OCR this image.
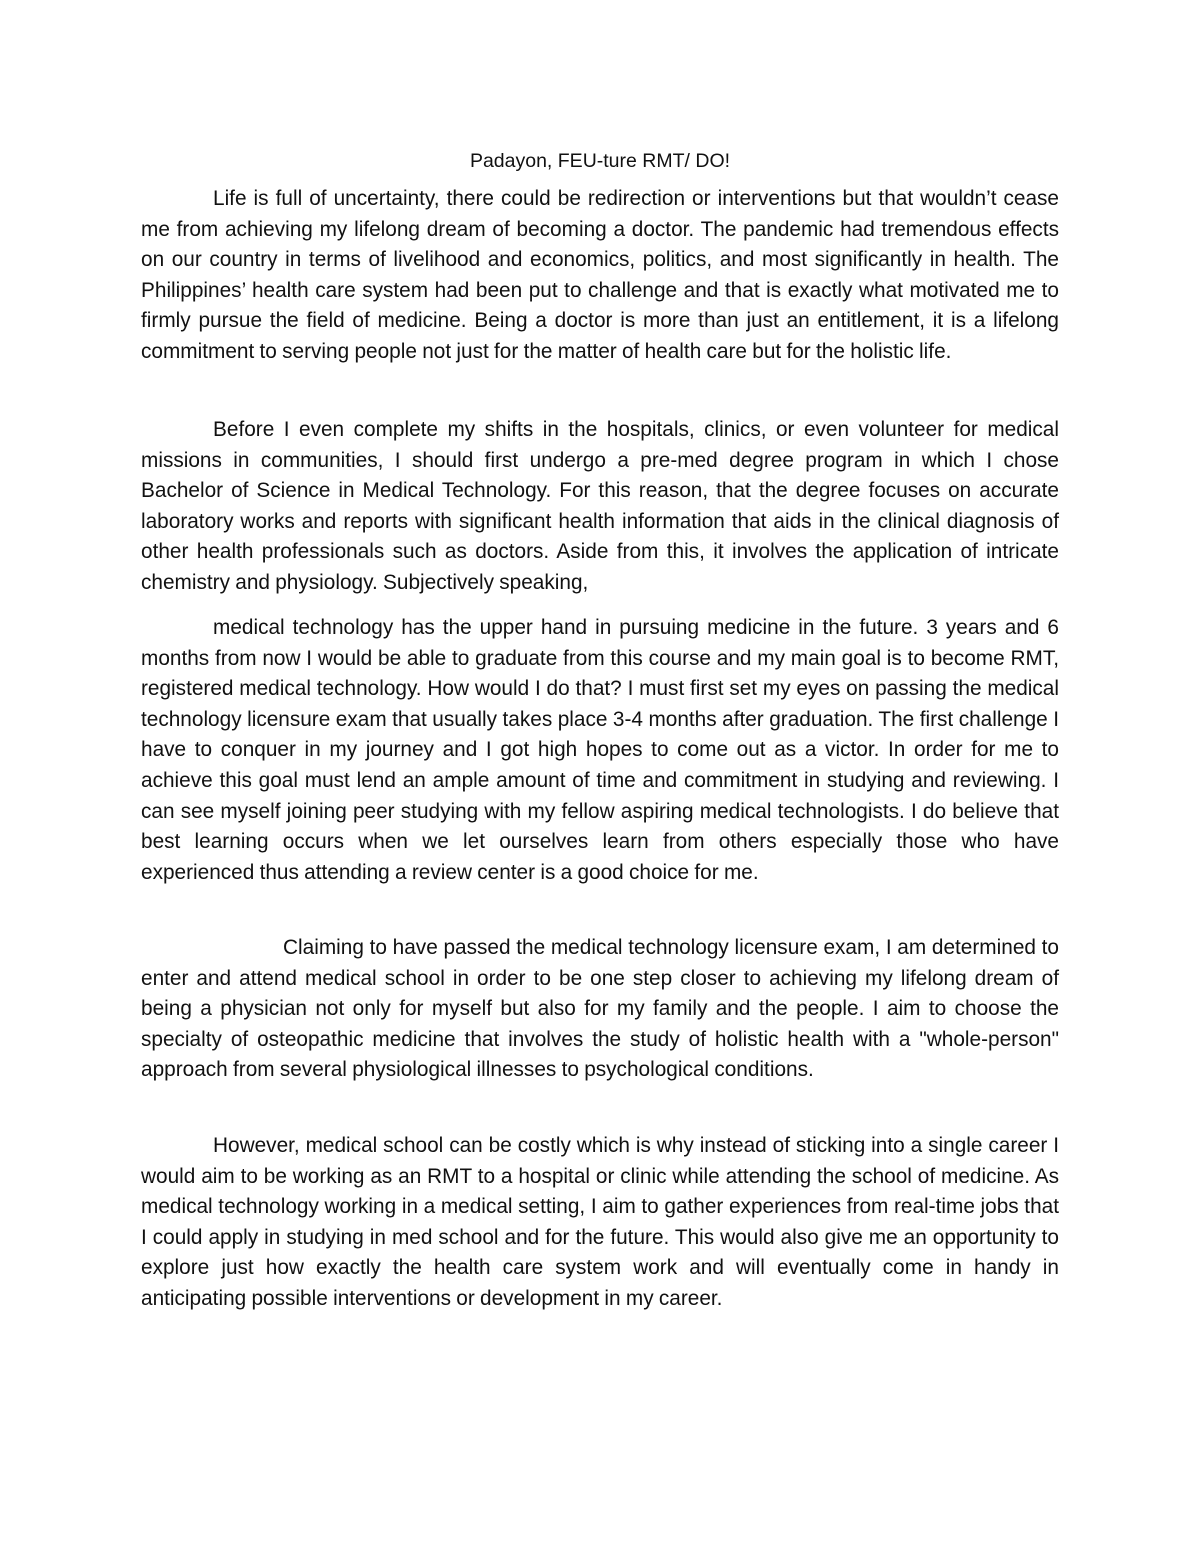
Padayon, FEU-ture RMT/ DO!

Life is full of uncertainty, there could be redirection or interventions but that wouldn’t cease me from achieving my lifelong dream of becoming a doctor. The pandemic had tremendous effects on our country in terms of livelihood and economics, politics, and most significantly in health. The Philippines’ health care system had been put to challenge and that is exactly what motivated me to firmly pursue the field of medicine. Being a doctor is more than just an entitlement, it is a lifelong commitment to serving people not just for the matter of health care but for the holistic life.

Before I even complete my shifts in the hospitals, clinics, or even volunteer for medical missions in communities, I should first undergo a pre-med degree program in which I chose Bachelor of Science in Medical Technology. For this reason, that the degree focuses on accurate laboratory works and reports with significant health information that aids in the clinical diagnosis of other health professionals such as doctors. Aside from this, it involves the application of intricate chemistry and physiology. Subjectively speaking,

medical technology has the upper hand in pursuing medicine in the future. 3 years and 6 months from now I would be able to graduate from this course and my main goal is to become RMT, registered medical technology. How would I do that? I must first set my eyes on passing the medical technology licensure exam that usually takes place 3-4 months after graduation. The first challenge I have to conquer in my journey and I got high hopes to come out as a victor. In order for me to achieve this goal must lend an ample amount of time and commitment in studying and reviewing. I can see myself joining peer studying with my fellow aspiring medical technologists. I do believe that best learning occurs when we let ourselves learn from others especially those who have experienced thus attending a review center is a good choice for me.

Claiming to have passed the medical technology licensure exam, I am determined to enter and attend medical school in order to be one step closer to achieving my lifelong dream of being a physician not only for myself but also for my family and the people. I aim to choose the specialty of osteopathic medicine that involves the study of holistic health with a "whole-person" approach from several physiological illnesses to psychological conditions.

However, medical school can be costly which is why instead of sticking into a single career I would aim to be working as an RMT to a hospital or clinic while attending the school of medicine. As medical technology working in a medical setting, I aim to gather experiences from real-time jobs that I could apply in studying in med school and for the future. This would also give me an opportunity to explore just how exactly the health care system work and will eventually come in handy in anticipating possible interventions or development in my career.
